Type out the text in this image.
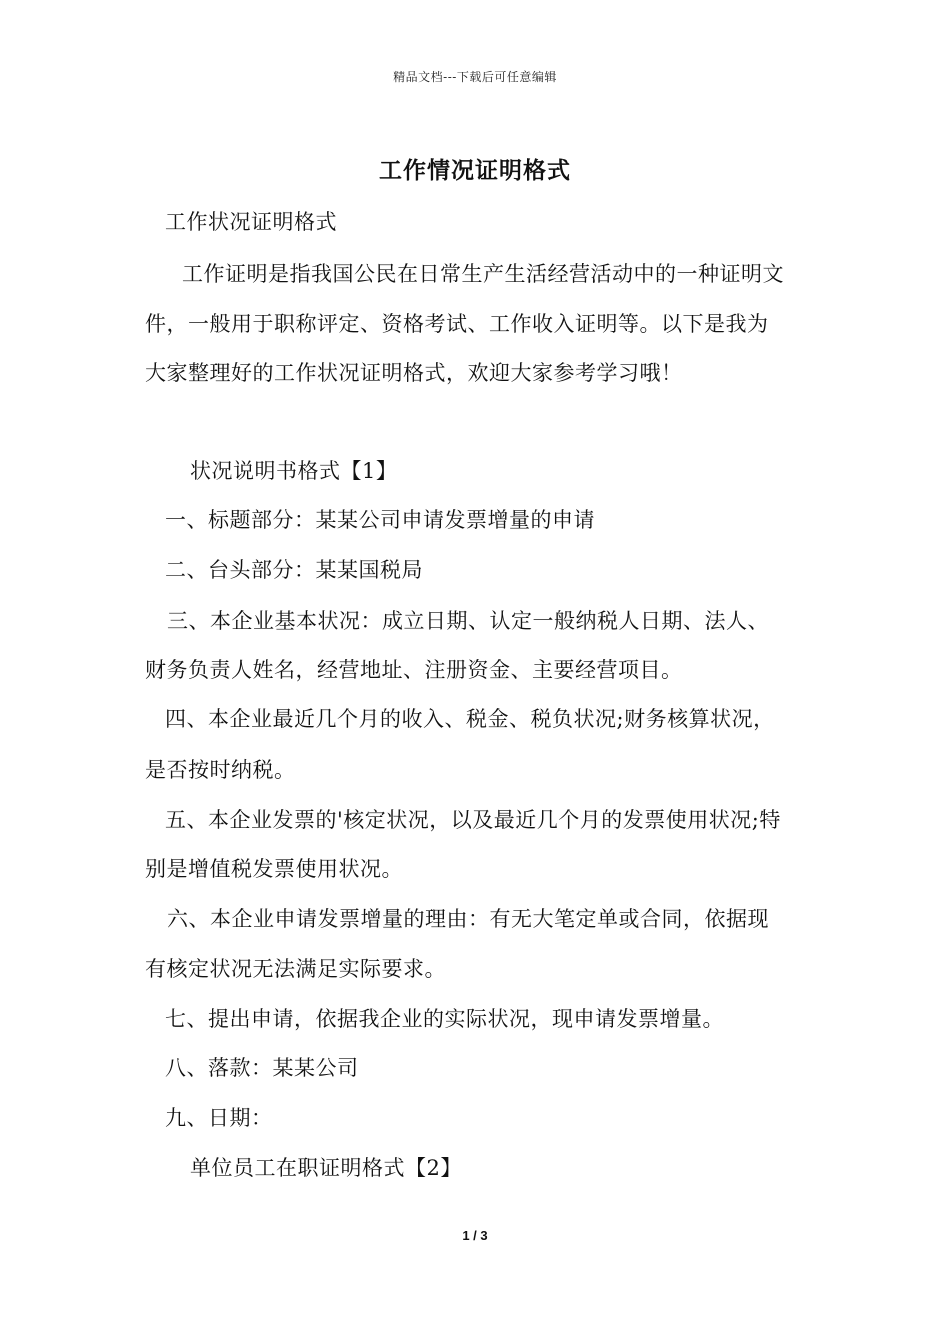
精品文档---下载后可任意编辑
工作情况证明格式
工作状况证明格式
工作证明是指我国公民在日常生产生活经营活动中的一种证明文
件，一般用于职称评定、资格考试、工作收入证明等。以下是我为
大家整理好的工作状况证明格式，欢迎大家参考学习哦！
状况说明书格式【1】
一、标题部分：某某公司申请发票增量的申请
二、台头部分：某某国税局
三、本企业基本状况：成立日期、认定一般纳税人日期、法人、
财务负责人姓名，经营地址、注册资金、主要经营项目。
四、本企业最近几个月的收入、税金、税负状况;财务核算状况，
是否按时纳税。
五、本企业发票的'核定状况，以及最近几个月的发票使用状况;特
别是增值税发票使用状况。
六、本企业申请发票增量的理由：有无大笔定单或合同，依据现
有核定状况无法满足实际要求。
七、提出申请，依据我企业的实际状况，现申请发票增量。
八、落款：某某公司
九、日期：
单位员工在职证明格式【2】
1 / 3
